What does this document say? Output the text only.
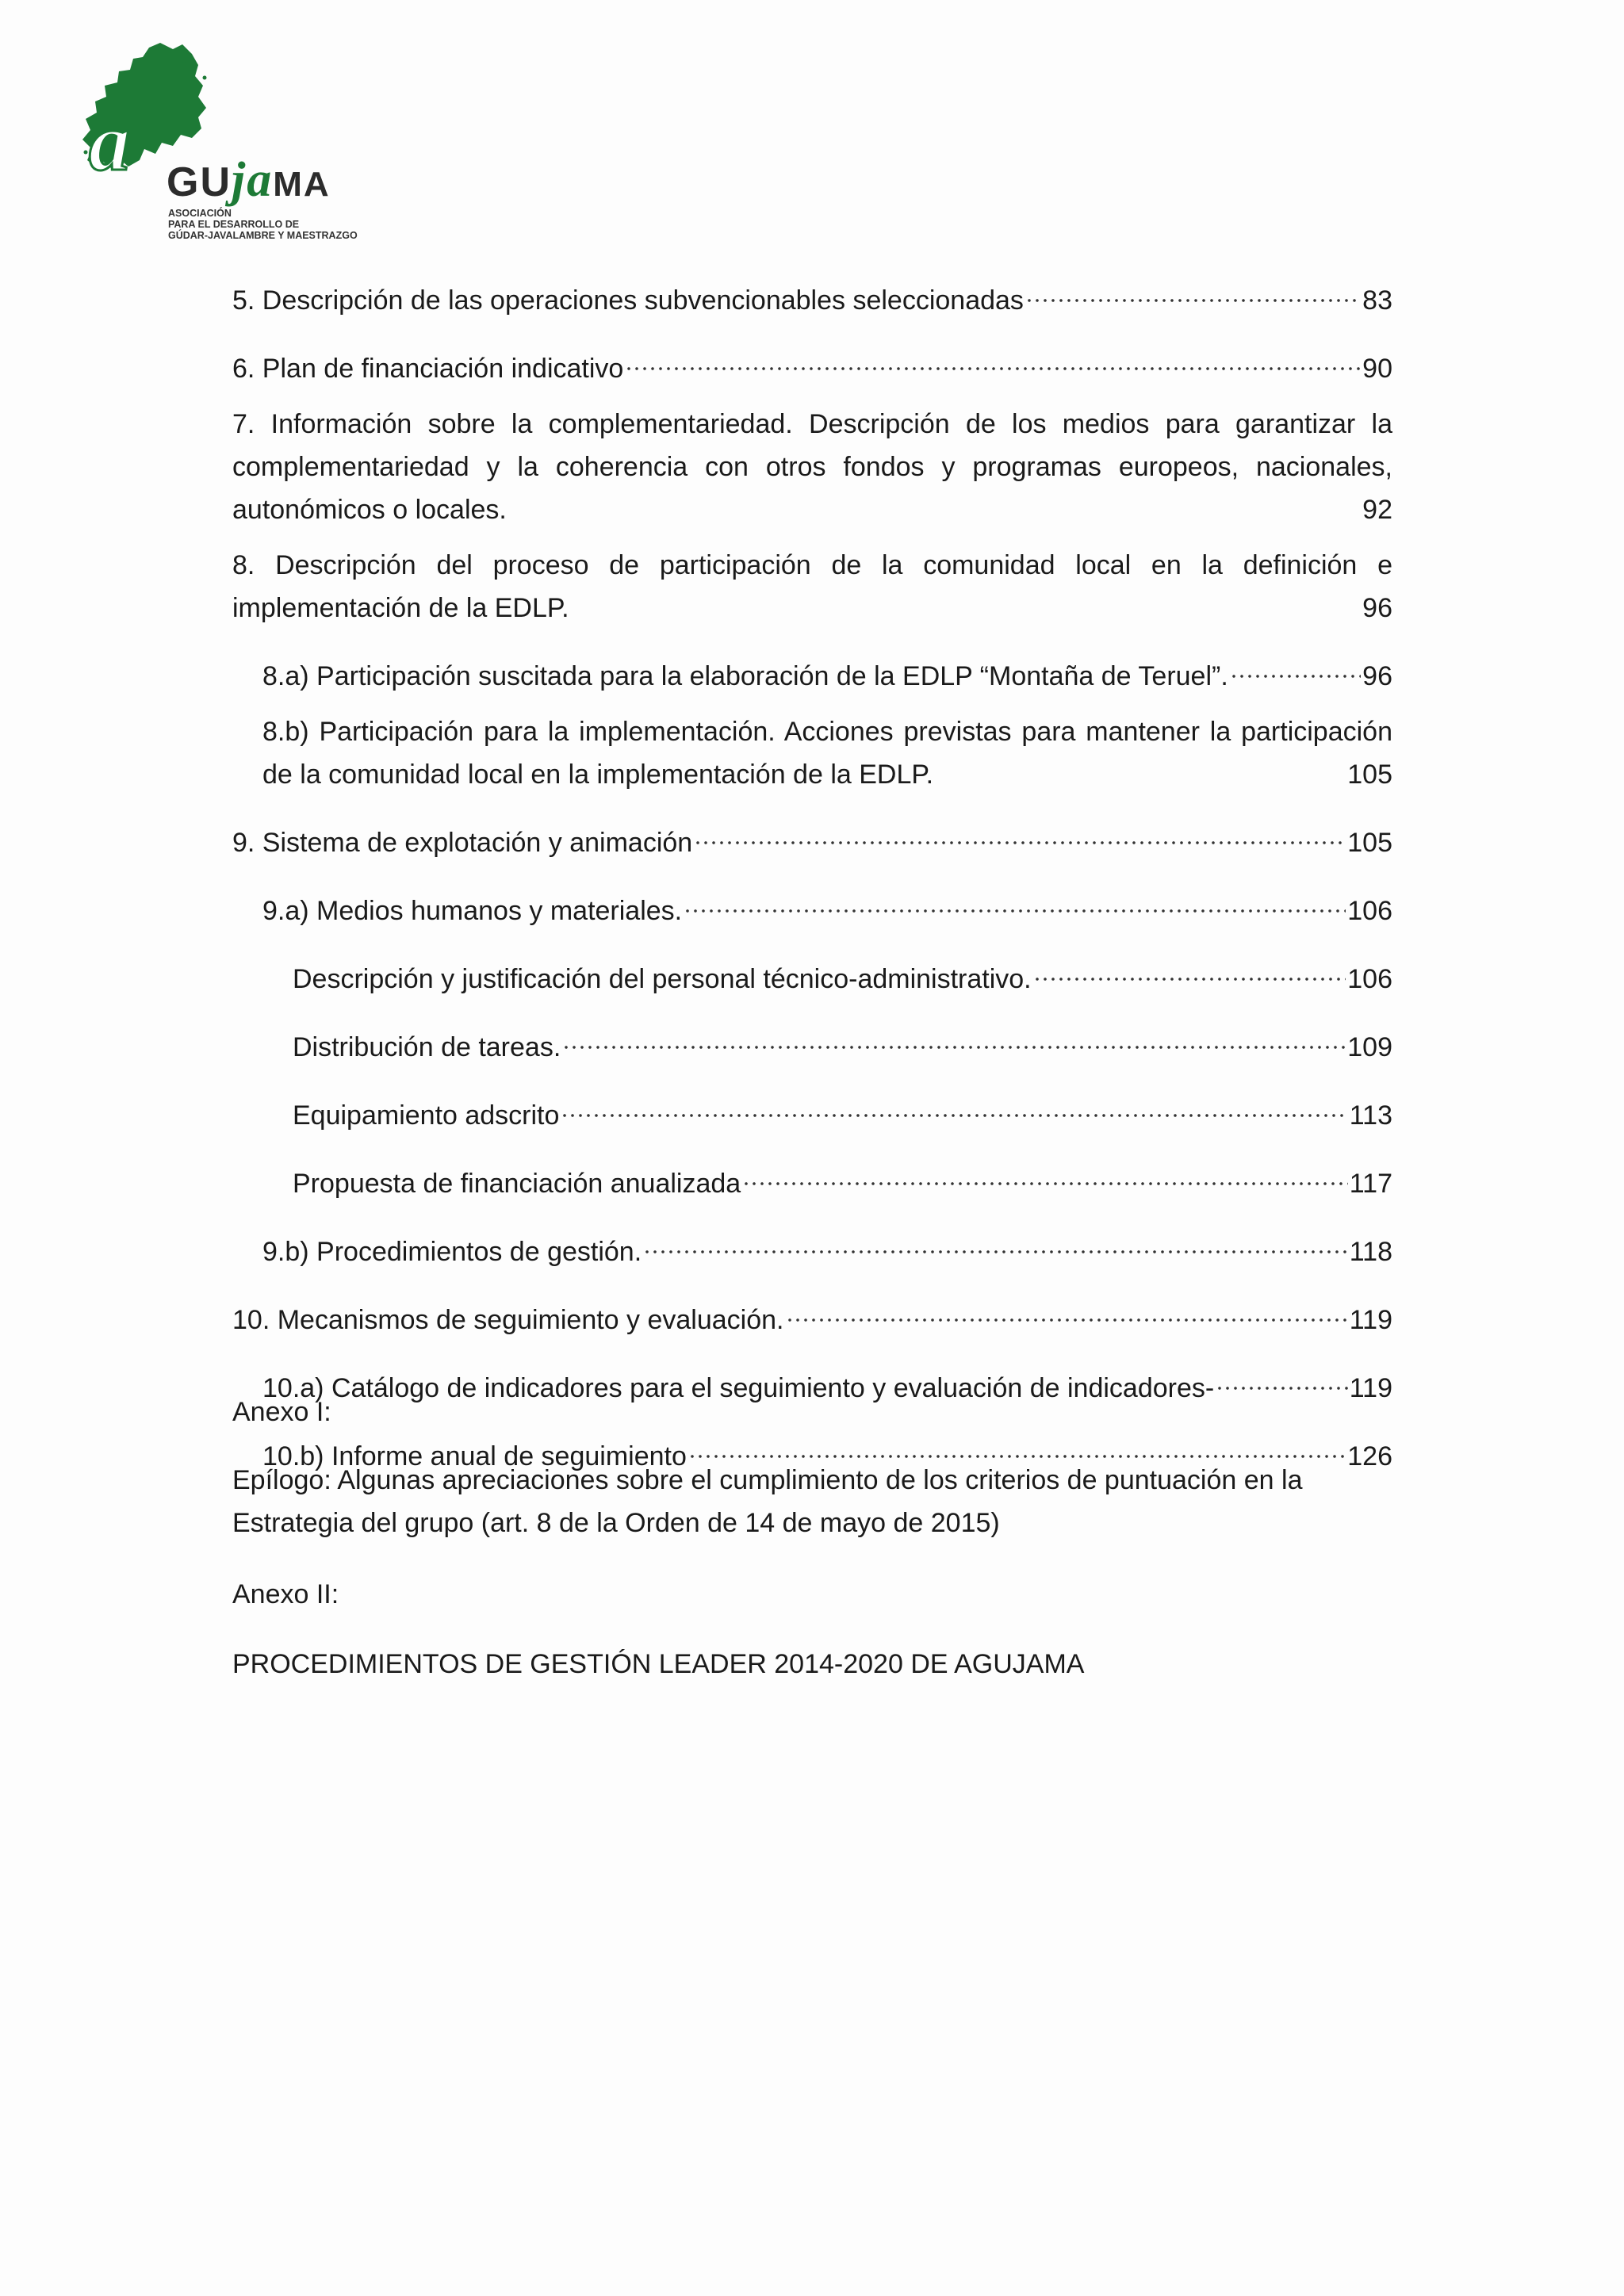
a GUjaMA
ASOCIACIÓN
PARA EL DESARROLLO DE
GÚDAR-JAVALAMBRE Y MAESTRAZGO
5. Descripción de las operaciones subvencionables seleccionadas	83
6. Plan de financiación indicativo	90
7. Información sobre la complementariedad. Descripción de los medios para garantizar la complementariedad y la coherencia con otros fondos y programas europeos, nacionales, autonómicos o locales.	92
8. Descripción del proceso de participación de la comunidad local en la definición e implementación de la EDLP.	96
8.a) Participación suscitada para la elaboración de la EDLP “Montaña de Teruel”.	96
8.b) Participación para la implementación. Acciones previstas para mantener la participación de la comunidad local en la implementación de la EDLP.	105
9. Sistema de explotación y animación	105
9.a) Medios humanos y materiales.	106
Descripción y justificación del personal técnico-administrativo.	106
Distribución de tareas.	109
Equipamiento adscrito	113
Propuesta de financiación anualizada	117
9.b) Procedimientos de gestión.	118
10. Mecanismos de seguimiento y evaluación.	119
10.a) Catálogo de indicadores para el seguimiento y evaluación de indicadores-	119
10.b) Informe anual de seguimiento	126
Anexo I:
Epílogo: Algunas apreciaciones sobre el cumplimiento de los criterios de puntuación en la Estrategia del grupo (art. 8 de la Orden de 14 de mayo de 2015)
Anexo II:
PROCEDIMIENTOS DE GESTIÓN LEADER 2014-2020 DE AGUJAMA
